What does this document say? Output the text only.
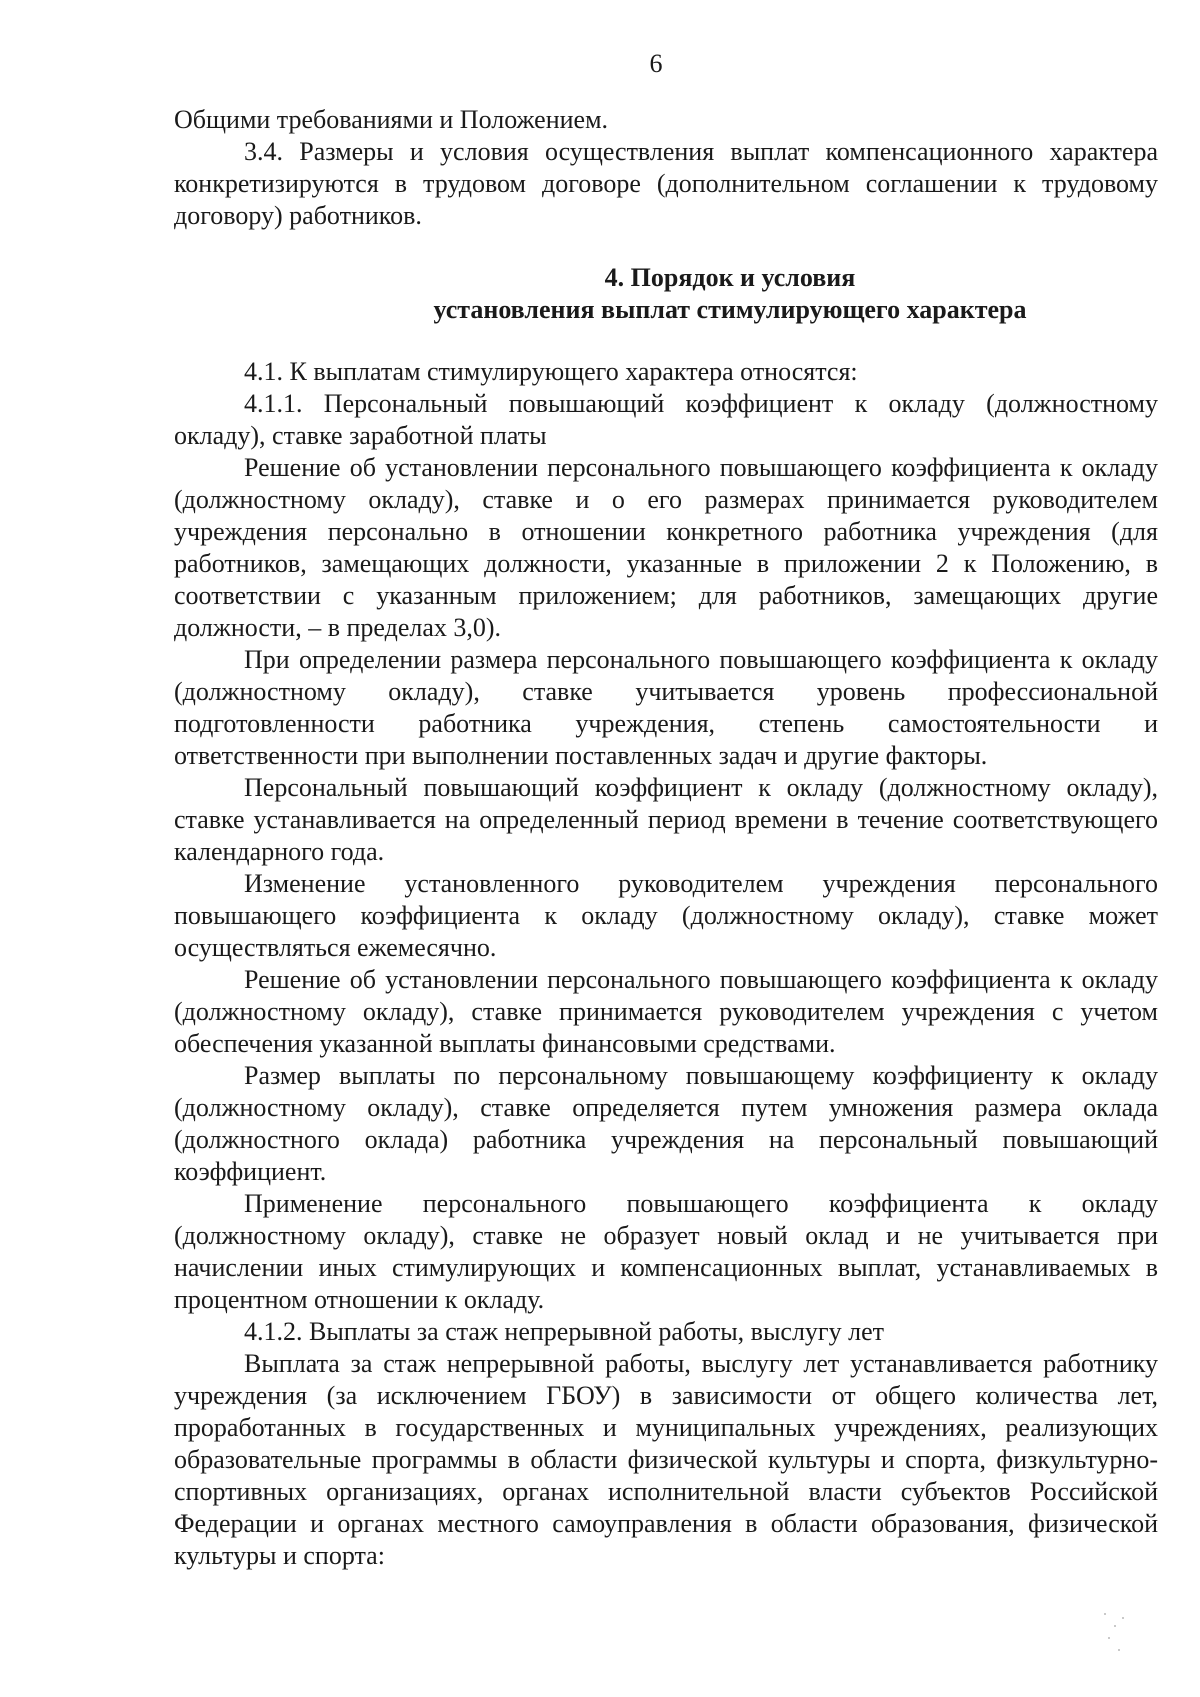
6

Общими требованиями и Положением.

3.4. Размеры и условия осуществления выплат компенсационного характера конкретизируются в трудовом договоре (дополнительном соглашении к трудовому договору) работников.

4. Порядок и условия
установления выплат стимулирующего характера

4.1. К выплатам стимулирующего характера относятся:

4.1.1. Персональный повышающий коэффициент к окладу (должностному окладу), ставке заработной платы

Решение об установлении персонального повышающего коэффициента к окладу (должностному окладу), ставке и о его размерах принимается руководителем учреждения персонально в отношении конкретного работника учреждения (для работников, замещающих должности, указанные в приложении 2 к Положению, в соответствии с указанным приложением; для работников, замещающих другие должности, – в пределах 3,0).

При определении размера персонального повышающего коэффициента к окладу (должностному окладу), ставке учитывается уровень профессиональной подготовленности работника учреждения, степень самостоятельности и ответственности при выполнении поставленных задач и другие факторы.

Персональный повышающий коэффициент к окладу (должностному окладу), ставке устанавливается на определенный период времени в течение соответствующего календарного года.

Изменение установленного руководителем учреждения персонального повышающего коэффициента к окладу (должностному окладу), ставке может осуществляться ежемесячно.

Решение об установлении персонального повышающего коэффициента к окладу (должностному окладу), ставке принимается руководителем учреждения с учетом обеспечения указанной выплаты финансовыми средствами.

Размер выплаты по персональному повышающему коэффициенту к окладу (должностному окладу), ставке определяется путем умножения размера оклада (должностного оклада) работника учреждения на персональный повышающий коэффициент.

Применение персонального повышающего коэффициента к окладу (должностному окладу), ставке не образует новый оклад и не учитывается при начислении иных стимулирующих и компенсационных выплат, устанавливаемых в процентном отношении к окладу.

4.1.2. Выплаты за стаж непрерывной работы, выслугу лет

Выплата за стаж непрерывной работы, выслугу лет устанавливается работнику учреждения (за исключением ГБОУ) в зависимости от общего количества лет, проработанных в государственных и муниципальных учреждениях, реализующих образовательные программы в области физической культуры и спорта, физкультурно-спортивных организациях, органах исполнительной власти субъектов Российской Федерации и органах местного самоуправления в области образования, физической культуры и спорта:
